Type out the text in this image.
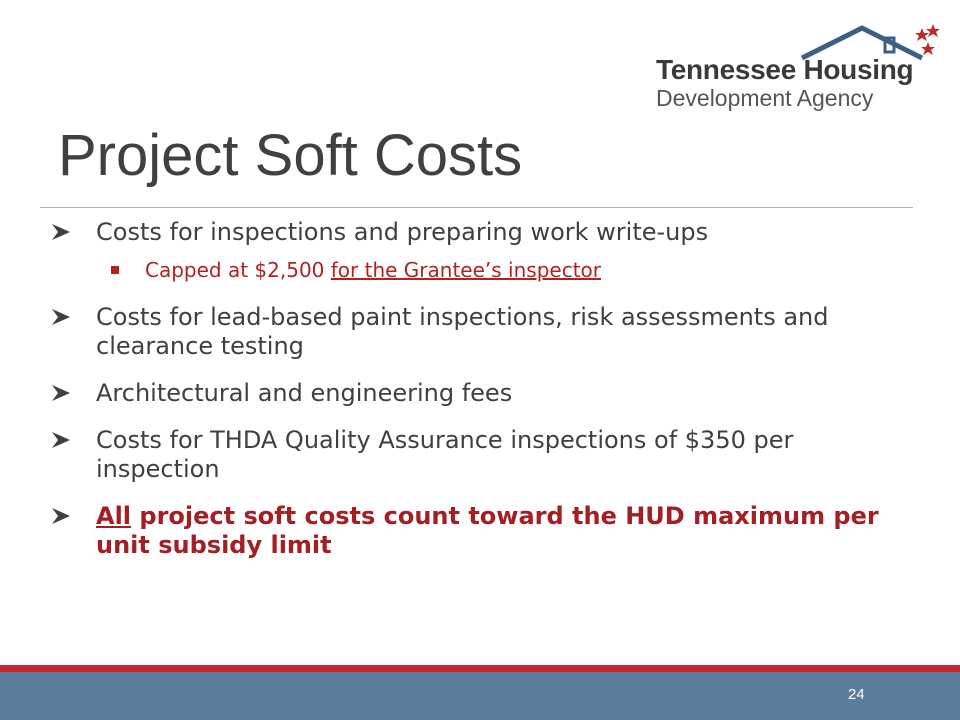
Tennessee Housing
Development Agency
Project Soft Costs
Costs for inspections and preparing work write-ups
Capped at $2,500 for the Grantee’s inspector
Costs for lead-based paint inspections, risk assessments and clearance testing
Architectural and engineering fees
Costs for THDA Quality Assurance inspections of $350 per inspection
All project soft costs count toward the HUD maximum per unit subsidy limit
24
